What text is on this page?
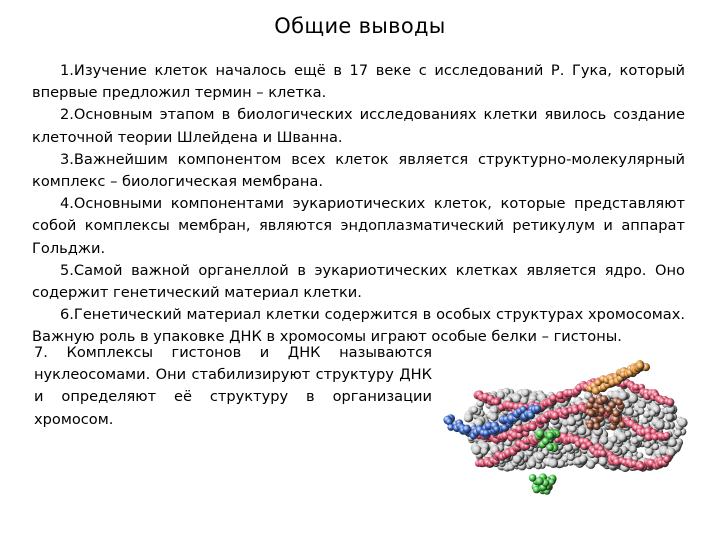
Общие выводы

1.Изучение клеток началось ещё в 17 веке с исследований Р. Гука, который впервые предложил термин – клетка.

2.Основным этапом в биологических исследованиях клетки явилось создание клеточной теории Шлейдена и Шванна.

3.Важнейшим компонентом всех клеток является структурно-молекулярный комплекс – биологическая мембрана.

4.Основными компонентами эукариотических клеток, которые представляют собой комплексы мембран, являются эндоплазматический ретикулум и аппарат Гольджи.

5.Самой важной органеллой в эукариотических клетках является ядро. Оно содержит генетический материал клетки.

6.Генетический материал клетки содержится в особых структурах хромосомах. Важную роль в упаковке ДНК в хромосомы играют особые белки – гистоны.

7. Комплексы гистонов и ДНК называются нуклеосомами. Они стабилизируют структуру ДНК и определяют её структуру в организации хромосом.
